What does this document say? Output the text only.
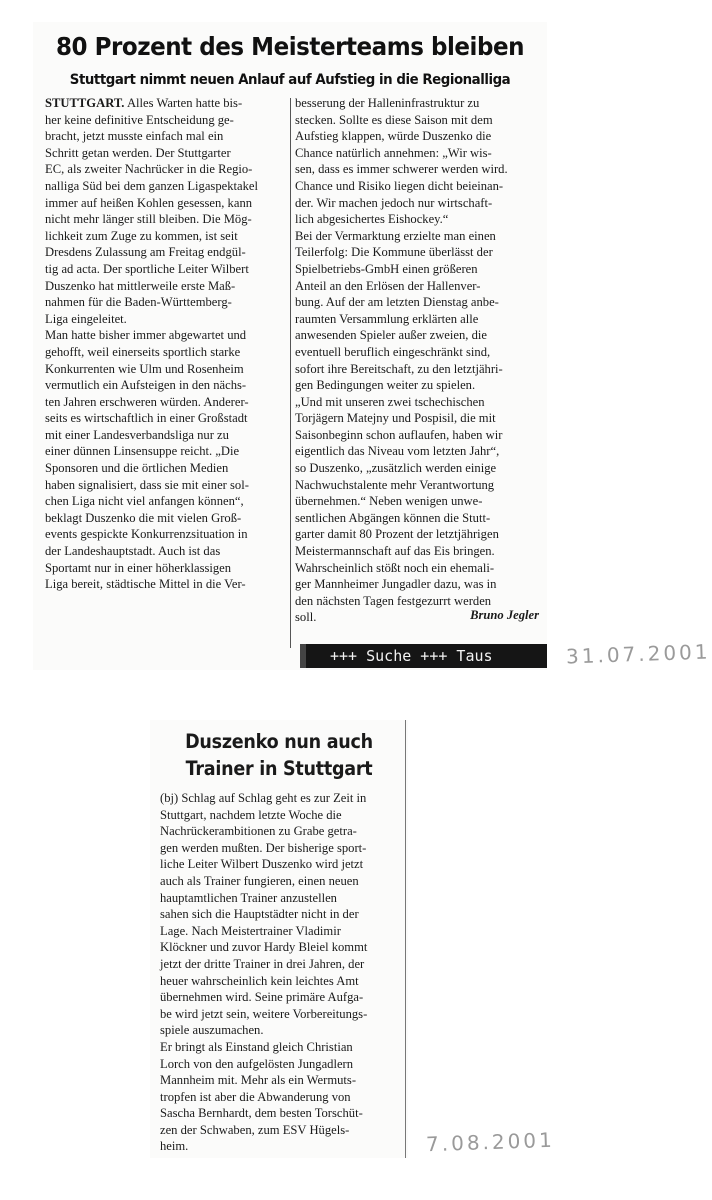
80 Prozent des Meisterteams bleiben
Stuttgart nimmt neuen Anlauf auf Aufstieg in die Regionalliga
STUTTGART. Alles Warten hatte bis-
her keine definitive Entscheidung ge-
bracht, jetzt musste einfach mal ein
Schritt getan werden. Der Stuttgarter
EC, als zweiter Nachrücker in die Regio-
nalliga Süd bei dem ganzen Ligaspektakel
immer auf heißen Kohlen gesessen, kann
nicht mehr länger still bleiben. Die Mög-
lichkeit zum Zuge zu kommen, ist seit
Dresdens Zulassung am Freitag endgül-
tig ad acta. Der sportliche Leiter Wilbert
Duszenko hat mittlerweile erste Maß-
nahmen für die Baden-Württemberg-
Liga eingeleitet.
Man hatte bisher immer abgewartet und
gehofft, weil einerseits sportlich starke
Konkurrenten wie Ulm und Rosenheim
vermutlich ein Aufsteigen in den nächs-
ten Jahren erschweren würden. Anderer-
seits es wirtschaftlich in einer Großstadt
mit einer Landesverbandsliga nur zu
einer dünnen Linsensuppe reicht. „Die
Sponsoren und die örtlichen Medien
haben signalisiert, dass sie mit einer sol-
chen Liga nicht viel anfangen können“,
beklagt Duszenko die mit vielen Groß-
events gespickte Konkurrenzsituation in
der Landeshauptstadt. Auch ist das
Sportamt nur in einer höherklassigen
Liga bereit, städtische Mittel in die Ver-
besserung der Halleninfrastruktur zu
stecken. Sollte es diese Saison mit dem
Aufstieg klappen, würde Duszenko die
Chance natürlich annehmen: „Wir wis-
sen, dass es immer schwerer werden wird.
Chance und Risiko liegen dicht beieinan-
der. Wir machen jedoch nur wirtschaft-
lich abgesichertes Eishockey.“
Bei der Vermarktung erzielte man einen
Teilerfolg: Die Kommune überlässt der
Spielbetriebs-GmbH einen größeren
Anteil an den Erlösen der Hallenver-
bung. Auf der am letzten Dienstag anbe-
raumten Versammlung erklärten alle
anwesenden Spieler außer zweien, die
eventuell beruflich eingeschränkt sind,
sofort ihre Bereitschaft, zu den letztjähri-
gen Bedingungen weiter zu spielen.
„Und mit unseren zwei tschechischen
Torjägern Matejny und Pospisil, die mit
Saisonbeginn schon auflaufen, haben wir
eigentlich das Niveau vom letzten Jahr“,
so Duszenko, „zusätzlich werden einige
Nachwuchstalente mehr Verantwortung
übernehmen.“ Neben wenigen unwe-
sentlichen Abgängen können die Stutt-
garter damit 80 Prozent der letztjährigen
Meistermannschaft auf das Eis bringen.
Wahrscheinlich stößt noch ein ehemali-
ger Mannheimer Jungadler dazu, was in
den nächsten Tagen festgezurrt werden
soll.	Bruno Jegler
+++ Suche +++ Taus	31.07.2001
Duszenko nun auch
Trainer in Stuttgart
(bj) Schlag auf Schlag geht es zur Zeit in
Stuttgart, nachdem letzte Woche die
Nachrückerambitionen zu Grabe getra-
gen werden mußten. Der bisherige sport-
liche Leiter Wilbert Duszenko wird jetzt
auch als Trainer fungieren, einen neuen
hauptamtlichen Trainer anzustellen
sahen sich die Hauptstädter nicht in der
Lage. Nach Meistertrainer Vladimir
Klöckner und zuvor Hardy Bleiel kommt
jetzt der dritte Trainer in drei Jahren, der
heuer wahrscheinlich kein leichtes Amt
übernehmen wird. Seine primäre Aufga-
be wird jetzt sein, weitere Vorbereitungs-
spiele auszumachen.
Er bringt als Einstand gleich Christian
Lorch von den aufgelösten Jungadlern
Mannheim mit. Mehr als ein Wermuts-
tropfen ist aber die Abwanderung von
Sascha Bernhardt, dem besten Torschüt-
zen der Schwaben, zum ESV Hügels-
heim.	7.08.2001
